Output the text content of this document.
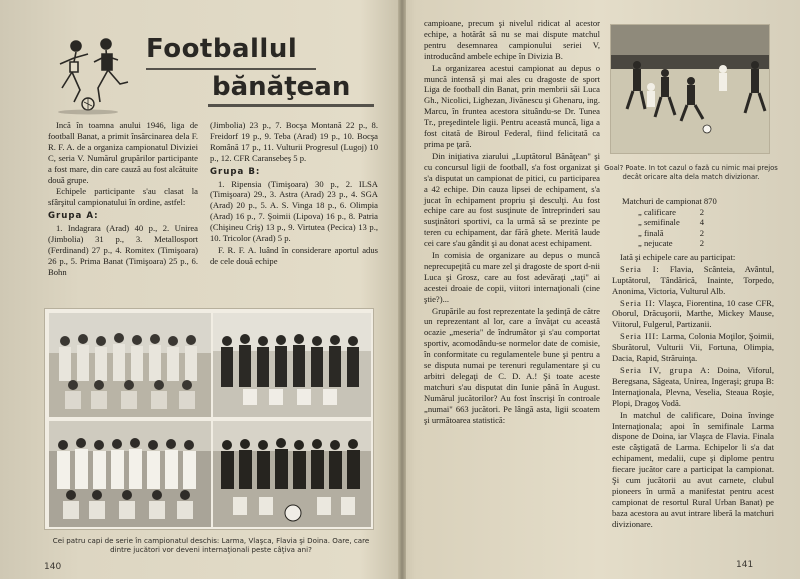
Footballul
bănăţean

Incă în toamna anului 1946, liga de football Banat, a primit însărcinarea dela F. R. F. A. de a organiza campionatul Diviziei C, seria V. Numărul grupărilor participante a fost mare, din care cauză au fost alcătuite două grupe.

Echipele participante s'au clasat la sfârşitul campionatului în ordine, astfel:

Grupa A:

1. Indagrara (Arad) 40 p., 2. Unirea (Jimbolia) 31 p., 3. Metallosport (Ferdinand) 27 p., 4. Romitex (Timişoara) 26 p., 5. Prima Banat (Timişoara) 25 p., 6. Bohn

(Jimbolia) 23 p., 7. Bocşa Montană 22 p., 8. Freidorf 19 p., 9. Teba (Arad) 19 p., 10. Bocşa Română 17 p., 11. Vulturii Progresul (Lugoj) 10 p., 12. CFR Caransebeş 5 p.

Grupa B:

1. Ripensia (Timişoara) 30 p., 2. ILSA (Timişoara) 29., 3. Astra (Arad) 23 p., 4. SGA (Arad) 20 p., 5. A. S. Vinga 18 p., 6. Olimpia (Arad) 16 p., 7. Şoimii (Lipova) 16 p., 8. Patria (Chişineu Criş) 13 p., 9. Virtutea (Pecica) 13 p., 10. Tricolor (Arad) 5 p.

F. R. F. A. luând în considerare aportul adus de cele două echipe

Cei patru capi de serie în campionatul deschis: Larma, Vlaşca, Flavia şi Doina. Oare, care dintre jucători vor deveni internaţionali peste câţiva ani?
140

campioane, precum şi nivelul ridicat al acestor echipe, a hotărât să nu se mai dispute matchul pentru desemnarea campionului seriei V, introducând ambele echipe în Divizia B.

La organizarea acestui campionat au depus o muncă intensă şi mai ales cu dragoste de sport Liga de football din Banat, prin membrii săi Luca Gh., Nicolici, Lighezan, Jivănescu şi Ghenaru, ing. Marcu, în fruntea acestora situându-se Dr. Tunea Tr., preşedintele ligii. Pentru această muncă, liga a fost citată de Biroul Federal, fiind felicitată ca prima pe ţară.

Din iniţiativa ziarului „Luptătorul Bănăţean" şi cu concursul ligii de football, s'a fost organizat şi s'a disputat un campionat de pitici, cu participarea a 42 echipe. Din cauza lipsei de echipament, s'a jucat în echipament propriu şi desculţi. Au fost echipe care au fost susţinute de întreprinderi sau susţinători sportivi, ca la urmă să se prezinte pe teren cu echipament, dar fără ghete. Merită laude cei care s'au gândit şi au donat acest echipament.

In comisia de organizare au depus o muncă neprecupeţită cu mare zel şi dragoste de sport d-nii Luca şi Grosz, care au fost adevăraţi „taţi" ai acestei droaie de copii, viitori internaţionali (cine ştie?)...

Grupările au fost reprezentate la şedinţă de către un reprezentant al lor, care a învăţat cu această ocazie „meseria" de îndrumător şi s'au comportat sportiv, acomodându-se normelor date de comisie, în conformitate cu regulamentele bune şi pentru a se disputa numai pe terenuri regulamentare şi cu arbitri delegaţi de C. D. A.! Şi toate aceste matchuri s'au disputat din Iunie până în August. Numărul jucătorilor? Au fost înscrişi în controale „numai" 663 jucători. Pe lângă asta, ligii scoatem şi următoarea statistică:

Goal? Poate. In tot cazul o fază cu nimic mai prejos decât oricare alta dela match divizionar.
Matchuri de campionat 870
„ calificare	2
„ semifinale	4
„ finală	2
„ nejucate	2

Iată şi echipele care au participat:

Seria I: Flavia, Scânteia, Avântul, Luptătorul, Tândărică, Inainte, Torpedo, Anonima, Victoria, Vulturul Alb.

Seria II: Vlaşca, Fiorentina, 10 case CFR, Oborul, Drăcuşorii, Marthe, Mickey Mause, Viitorul, Fulgerul, Partizanii.

Seria III: Larma, Colonia Moţilor, Şoimii, Sburătorul, Vulturii Vii, Fortuna, Olimpia, Dacia, Rapid, Străruinţa.

Seria IV, grupa A: Doina, Viforul, Beregsana, Săgeata, Unirea, Ingeraşi; grupa B: Internaţionala, Plevna, Veselia, Steaua Roşie, Plopi, Dragoş Vodă.

In matchul de calificare, Doina învinge Internaţionala; apoi în semifinale Larma dispone de Doina, iar Vlaşca de Flavia. Finala este câştigată de Larma. Echipelor li s'a dat echipament, medalii, cupe şi diplome pentru fiecare jucător care a participat la campionat. Şi cum jucătorii au avut carnete, clubul pioneers în urmă a manifestat pentru acest campionat de resortul Rural Urban Banat) pe baza acestora au avut intrare liberă la matchuri divizionare.

141
